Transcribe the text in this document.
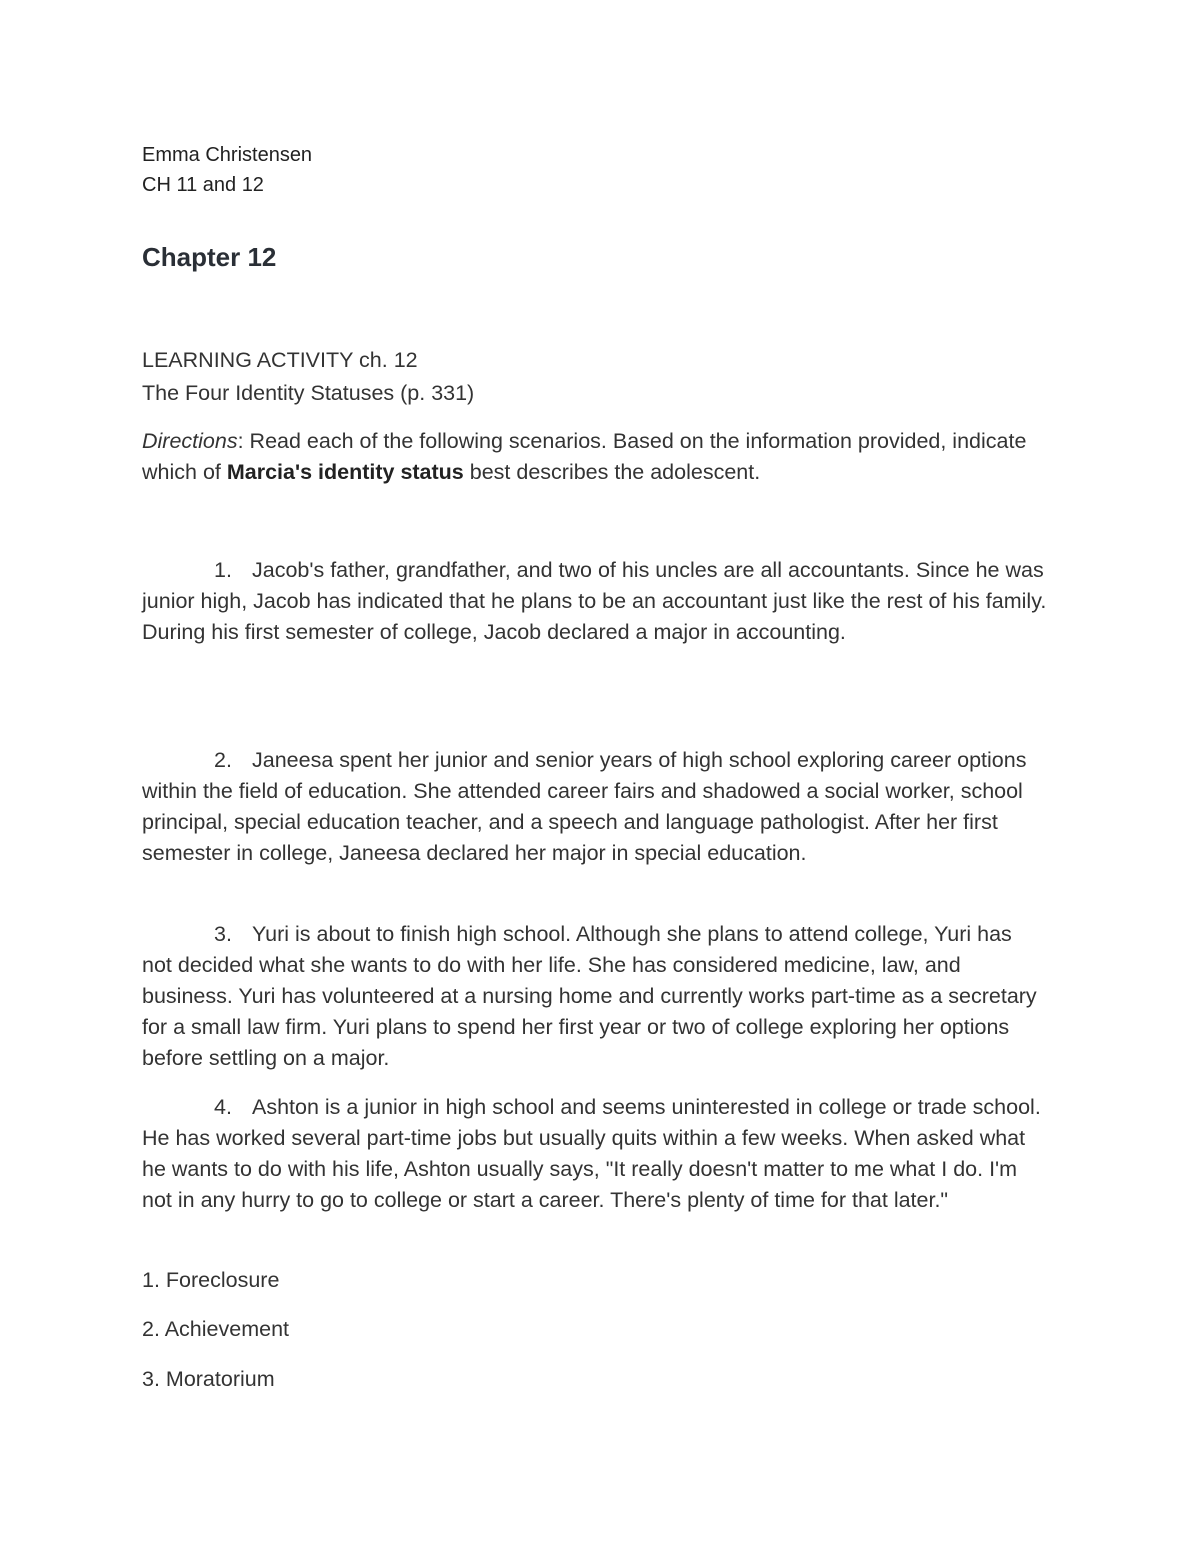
Emma Christensen

CH 11 and 12

Chapter 12

LEARNING ACTIVITY ch. 12

The Four Identity Statuses (p. 331)

Directions: Read each of the following scenarios. Based on the information provided, indicate which of Marcia's identity status best describes the adolescent.

1. Jacob's father, grandfather, and two of his uncles are all accountants. Since he was junior high, Jacob has indicated that he plans to be an accountant just like the rest of his family. During his first semester of college, Jacob declared a major in accounting.

2. Janeesa spent her junior and senior years of high school exploring career options within the field of education. She attended career fairs and shadowed a social worker, school principal, special education teacher, and a speech and language pathologist. After her first semester in college, Janeesa declared her major in special education.

3. Yuri is about to finish high school. Although she plans to attend college, Yuri has not decided what she wants to do with her life. She has considered medicine, law, and business. Yuri has volunteered at a nursing home and currently works part-time as a secretary for a small law firm. Yuri plans to spend her first year or two of college exploring her options before settling on a major.

4. Ashton is a junior in high school and seems uninterested in college or trade school. He has worked several part-time jobs but usually quits within a few weeks. When asked what he wants to do with his life, Ashton usually says, "It really doesn't matter to me what I do. I'm not in any hurry to go to college or start a career. There's plenty of time for that later."

1. Foreclosure

2. Achievement

3. Moratorium
